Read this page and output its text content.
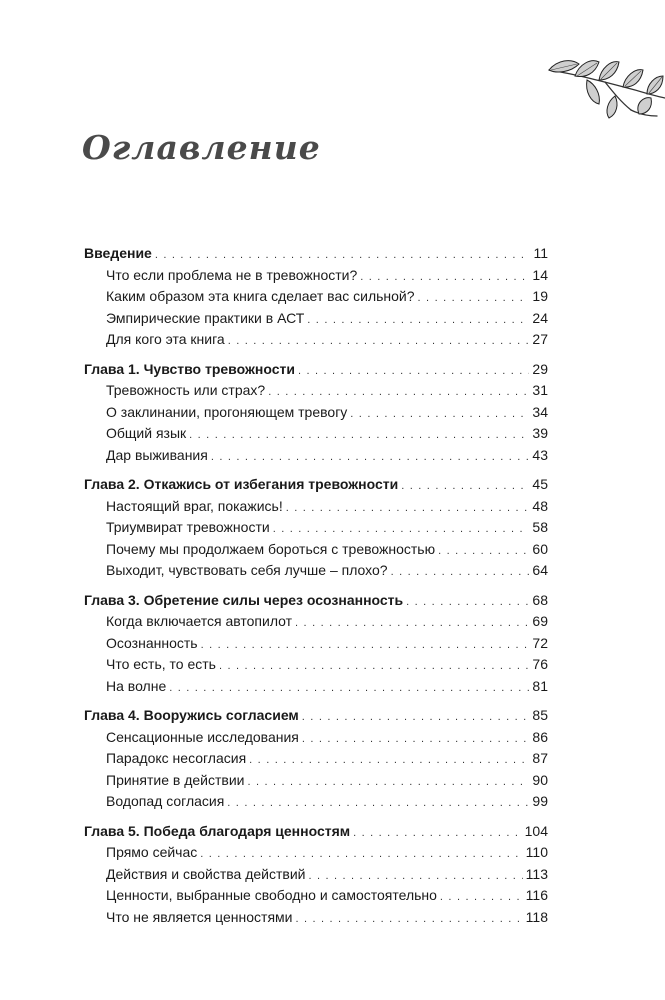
Оглавление
Введение . . .	11
Что если проблема не в тревожности? . . .	14
Каким образом эта книга сделает вас сильной? . . .	19
Эмпирические практики в АСТ . . .	24
Для кого эта книга . . .	27
Глава 1. Чувство тревожности . . .	29
Тревожность или страх? . . .	31
О заклинании, прогоняющем тревогу . . .	34
Общий язык . . .	39
Дар выживания . . .	43
Глава 2. Откажись от избегания тревожности . . .	45
Настоящий враг, покажись! . . .	48
Триумвират тревожности . . .	58
Почему мы продолжаем бороться с тревожностью . . .	60
Выходит, чувствовать себя лучше – плохо? . . .	64
Глава 3. Обретение силы через осознанность . . .	68
Когда включается автопилот . . .	69
Осознанность . . .	72
Что есть, то есть . . .	76
На волне . . .	81
Глава 4. Вооружись согласием . . .	85
Сенсационные исследования . . .	86
Парадокс несогласия . . .	87
Принятие в действии . . .	90
Водопад согласия . . .	99
Глава 5. Победа благодаря ценностям . . .	104
Прямо сейчас . . .	110
Действия и свойства действий . . .	113
Ценности, выбранные свободно и самостоятельно . . .	116
Что не является ценностями . . .	118
